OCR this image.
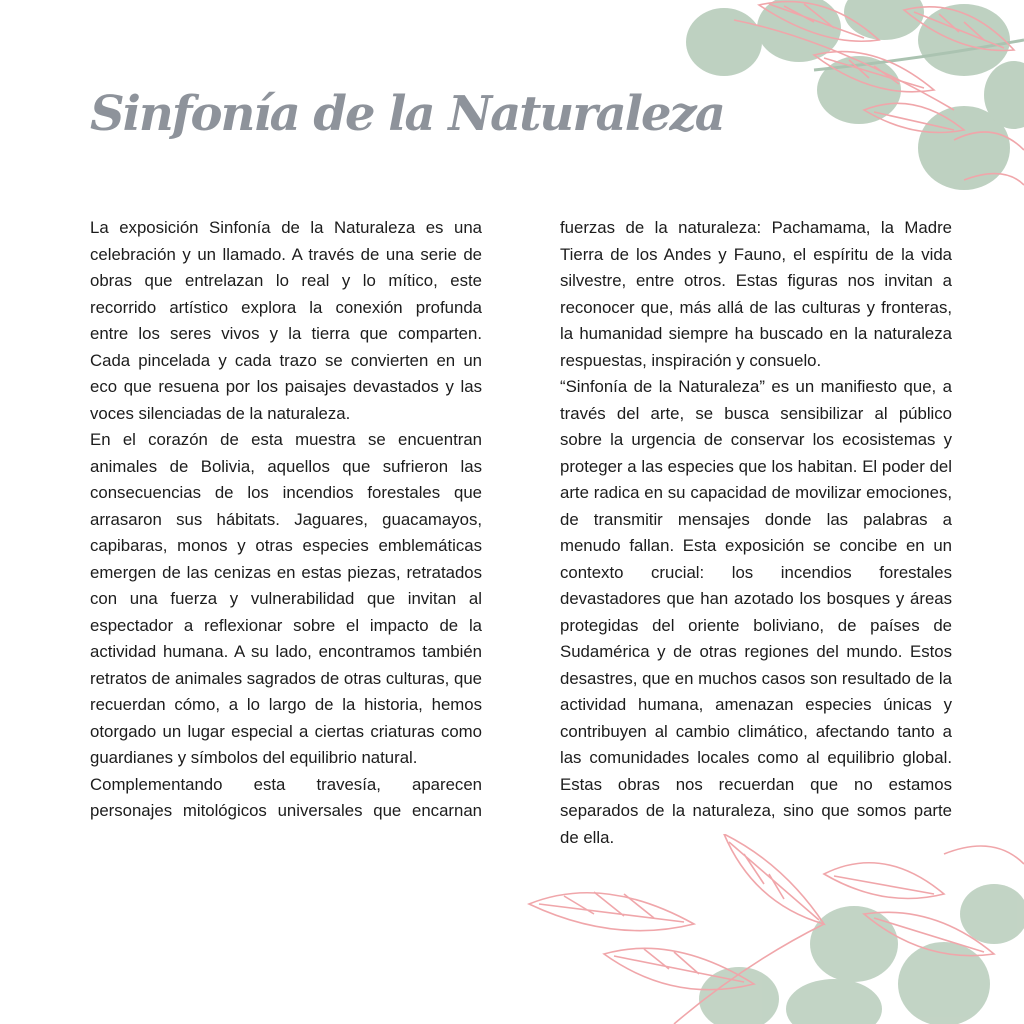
Sinfonía de la Naturaleza

La exposición Sinfonía de la Naturaleza es una celebración y un llamado. A través de una serie de obras que entrelazan lo real y lo mítico, este recorrido artístico explora la conexión profunda entre los seres vivos y la tierra que comparten. Cada pincelada y cada trazo se convierten en un eco que resuena por los paisajes devastados y las voces silenciadas de la naturaleza.

En el corazón de esta muestra se encuentran animales de Bolivia, aquellos que sufrieron las consecuencias de los incendios forestales que arrasaron sus hábitats. Jaguares, guacamayos, capibaras, monos y otras especies emblemáticas emergen de las cenizas en estas piezas, retratados con una fuerza y vulnerabilidad que invitan al espectador a reflexionar sobre el impacto de la actividad humana. A su lado, encontramos también retratos de animales sagrados de otras culturas, que recuerdan cómo, a lo largo de la historia, hemos otorgado un lugar especial a ciertas criaturas como guardianes y símbolos del equilibrio natural.

Complementando esta travesía, aparecen personajes mitológicos universales que encarnan

fuerzas de la naturaleza: Pachamama, la Madre Tierra de los Andes y Fauno, el espíritu de la vida silvestre, entre otros. Estas figuras nos invitan a reconocer que, más allá de las culturas y fronteras, la humanidad siempre ha buscado en la naturaleza respuestas, inspiración y consuelo.

“Sinfonía de la Naturaleza” es un manifiesto que, a través del arte, se busca sensibilizar al público sobre la urgencia de conservar los ecosistemas y proteger a las especies que los habitan. El poder del arte radica en su capacidad de movilizar emociones, de transmitir mensajes donde las palabras a menudo fallan. Esta exposición se concibe en un contexto crucial: los incendios forestales devastadores que han azotado los bosques y áreas protegidas del oriente boliviano, de países de Sudamérica y de otras regiones del mundo. Estos desastres, que en muchos casos son resultado de la actividad humana, amenazan especies únicas y contribuyen al cambio climático, afectando tanto a las comunidades locales como al equilibrio global. Estas obras nos recuerdan que no estamos separados de la naturaleza, sino que somos parte de ella.
